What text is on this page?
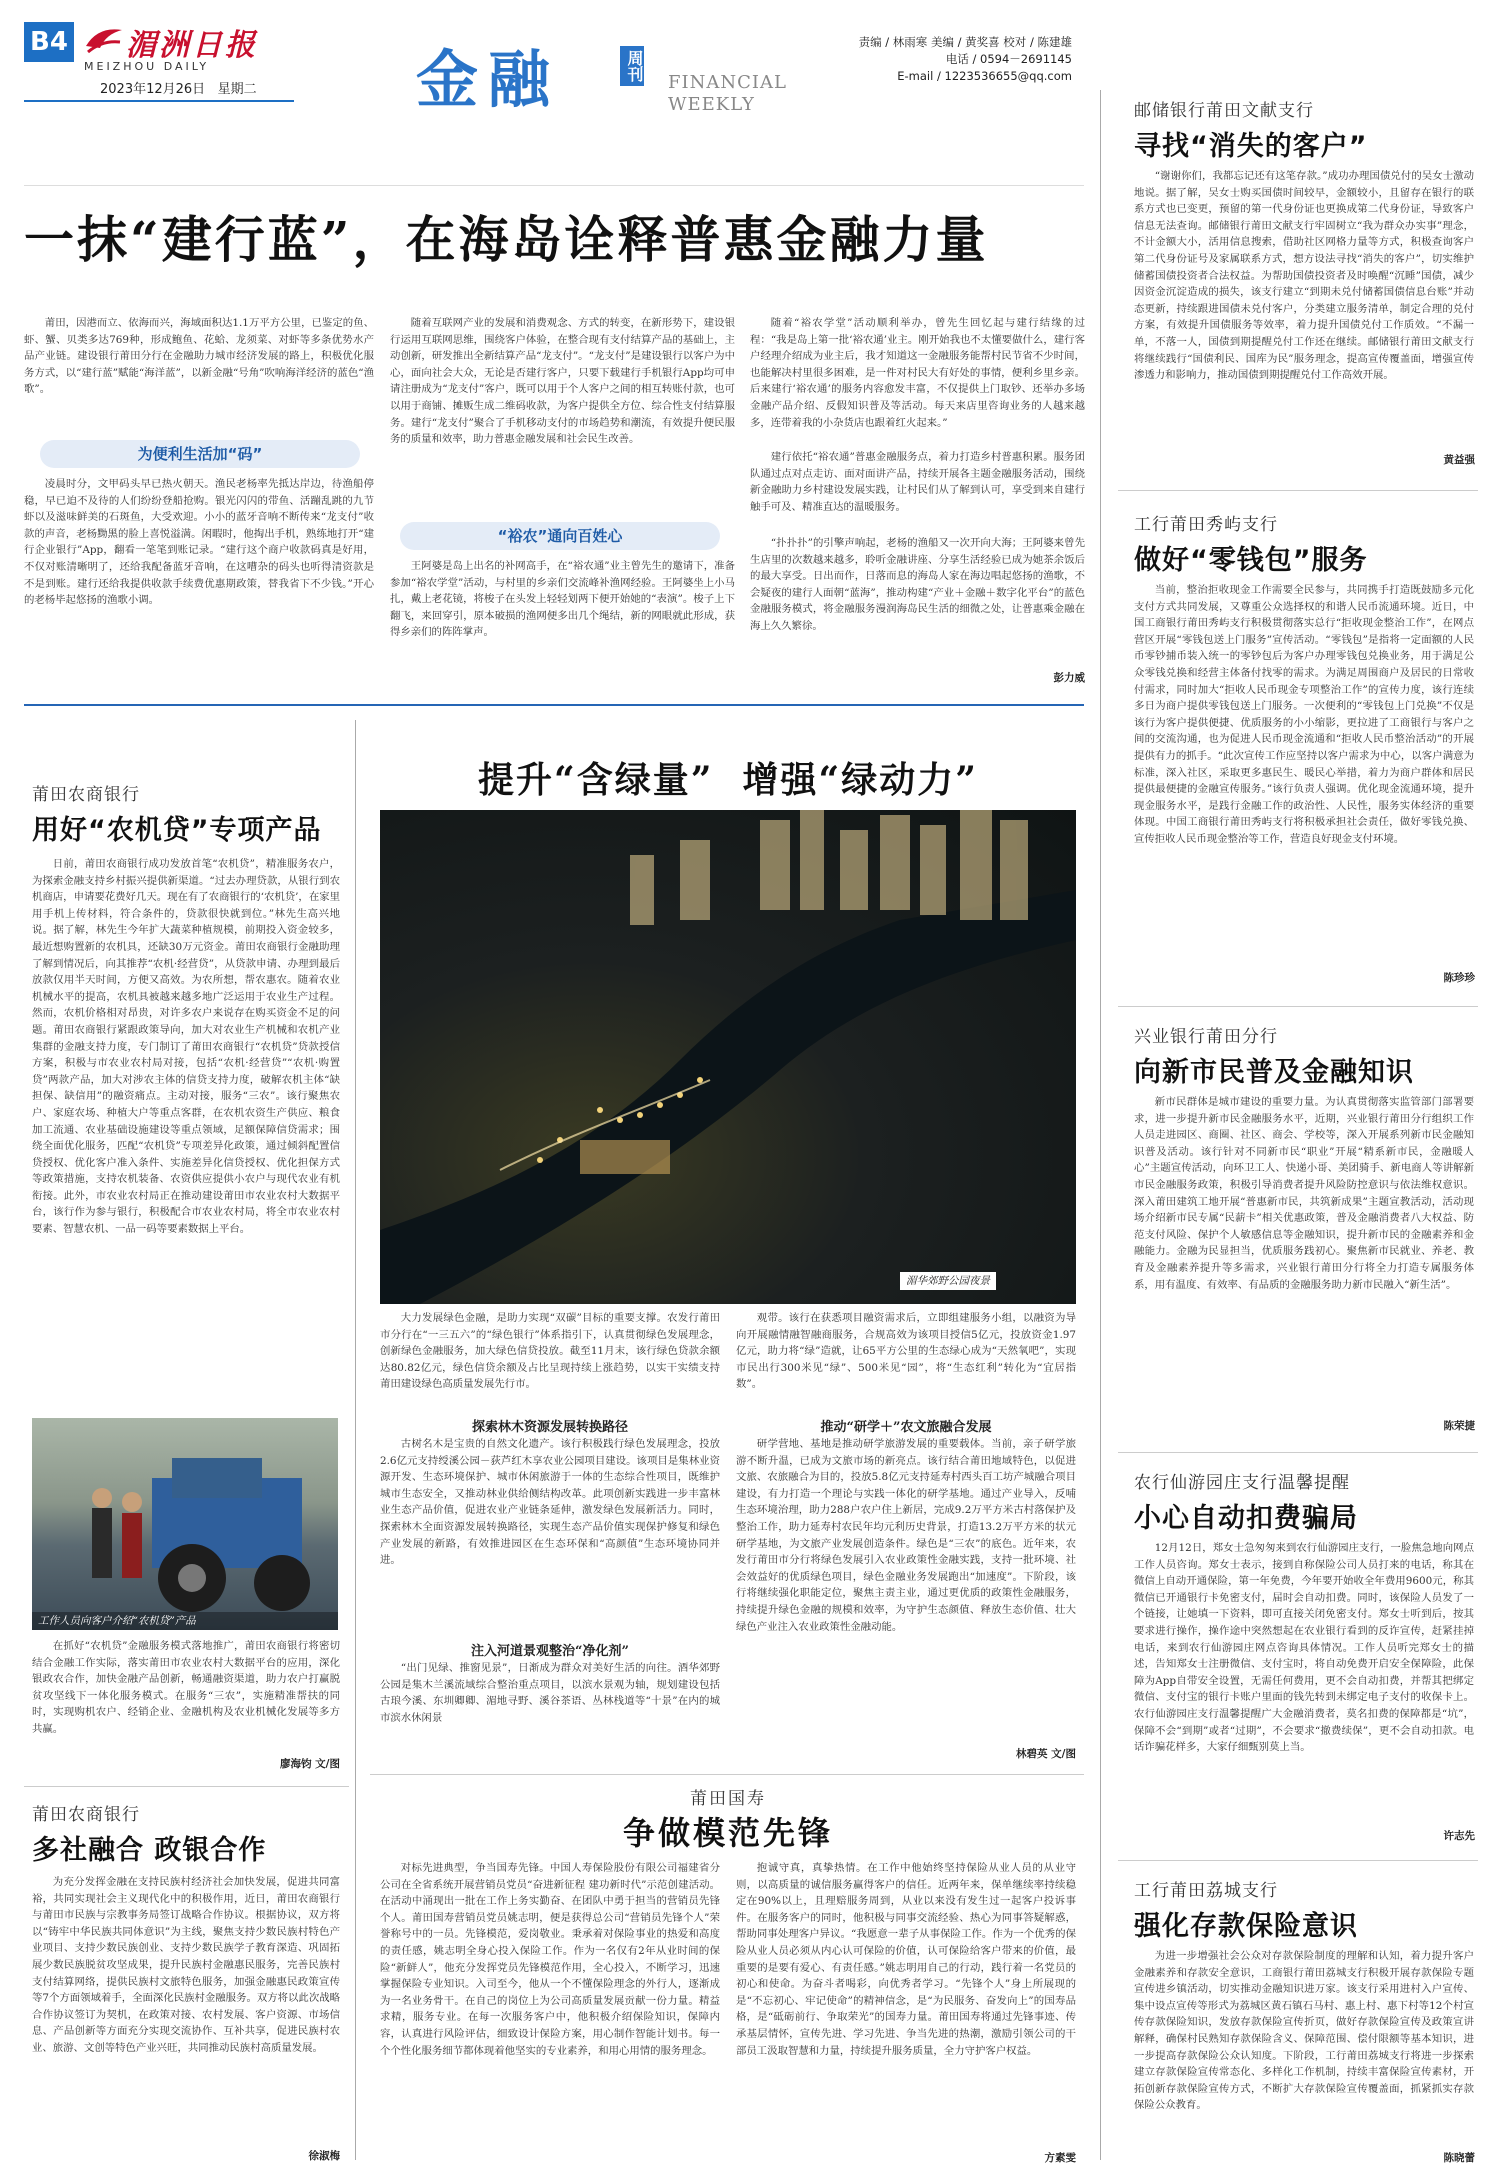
B4 湄洲日报
MEIZHOU DAILY
2023年12月26日 星期二	金融	周刊
FINANCIAL
WEEKLY
责编 / 林雨寒 美编 / 黄奖喜 校对 / 陈建雄
电话 / 0594－2691145
E-mail / 1223536655@qq.com
一抹“建行蓝”，在海岛诠释普惠金融力量
莆田，因港而立、依海而兴，海域面积达1.1万平方公里，已鉴定的鱼、虾、蟹、贝类多达769种，形成鲍鱼、花蛤、龙须菜、对虾等多条优势水产品产业链。建设银行莆田分行在金融助力城市经济发展的路上，积极优化服务方式，以“建行蓝”赋能“海洋蓝”，以新金融“号角”吹响海洋经济的蓝色“渔歌”。
为便利生活加“码”
凌晨时分，文甲码头早已热火朝天。渔民老杨率先抵达岸边，待渔船停稳，早已迫不及待的人们纷纷登船抢购。银光闪闪的带鱼、活蹦乱跳的九节虾以及滋味鲜美的石斑鱼，大受欢迎。小小的蓝牙音响不断传来“龙支付”收款的声音，老杨黝黑的脸上喜悦溢满。闲暇时，他掏出手机，熟练地打开“建行企业银行”App，翻看一笔笔到账记录。“建行这个商户收款码真是好用，不仅对账清晰明了，还给我配备蓝牙音响，在这嘈杂的码头也听得清资款是不是到账。建行还给我提供收款手续费优惠期政策，替我省下不少钱。”开心的老杨毕起悠扬的渔歌小调。
随着互联网产业的发展和消费观念、方式的转变，在新形势下，建设银行运用互联网思维，围绕客户体验，在整合现有支付结算产品的基础上，主动创新，研发推出全新结算产品“龙支付”。“龙支付”是建设银行以客户为中心，面向社会大众，无论是否建行客户，只要下载建行手机银行App均可申请注册成为“龙支付”客户，既可以用于个人客户之间的相互转账付款，也可以用于商铺、摊贩生成二维码收款，为客户提供全方位、综合性支付结算服务。建行“龙支付”聚合了手机移动支付的市场趋势和潮流，有效提升便民服务的质量和效率，助力普惠金融发展和社会民生改善。
“裕农”通向百姓心
王阿婆是岛上出名的补网高手，在“裕农通”业主曾先生的邀请下，准备参加“裕农学堂”活动，与村里的乡亲们交流峰补渔网经验。王阿婆坐上小马扎，戴上老花镜，将梭子在头发上轻轻划两下便开始她的“表演”。梭子上下翻飞，来回穿引，原本破损的渔网便多出几个绳结，新的网眼就此形成，获得乡亲们的阵阵掌声。
随着“裕农学堂”活动顺利举办，曾先生回忆起与建行结缘的过程：“我是岛上第一批‘裕农通’业主。刚开始我也不太懂要做什么，建行客户经理介绍成为业主后，我才知道这一金融服务能帮村民节省不少时间，也能解决村里很多困难，是一件对村民大有好处的事情，便利乡里乡亲。后来建行‘裕农通’的服务内容愈发丰富，不仅提供上门取钞、还举办多场金融产品介绍、反假知识普及等活动。每天来店里咨询业务的人越来越多，连带着我的小杂货店也跟着红火起来。”
建行依托“裕农通”普惠金融服务点，着力打造乡村普惠积累。服务团队通过点对点走访、面对面讲产品，持续开展各主题金融服务活动，围绕新金融助力乡村建设发展实践，让村民们从了解到认可，享受到来自建行触手可及、精准直达的温暖服务。
“扑扑扑”的引擎声响起，老杨的渔船又一次开向大海；王阿婆来曾先生店里的次数越来越多，聆听金融讲座、分享生活经验已成为她茶余饭后的最大享受。日出而作，日落而息的海岛人家在海边唱起悠扬的渔歌，不会疑夜的建行人面朝“蓝海”，推动构建“产业＋金融＋数字化平台”的蓝色金融服务模式，将金融服务漫润海岛民生活的细微之处，让普惠乘金融在海上久久繁徐。
彭力威
邮储银行莆田文献支行
寻找“消失的客户”
“谢谢你们，我都忘记还有这笔存款。”成功办理国债兑付的吴女士激动地说。据了解，吴女士购买国债时间较早，金额较小，且留存在银行的联系方式也已变更，预留的第一代身份证也更换成第二代身份证，导致客户信息无法查询。邮储银行莆田文献支行牢固树立“我为群众办实事”理念，不计金额大小，活用信息搜索，借助社区网格力量等方式，积极查询客户第二代身份证号及家属联系方式，想方设法寻找“消失的客户”，切实维护储蓄国债投资者合法权益。为帮助国债投资者及时唤醒“沉睡”国债，减少因资金沉淀造成的损失，该支行建立“到期未兑付储蓄国债信息台账”并动态更新，持续跟进国债未兑付客户，分类建立服务清单，制定合理的兑付方案，有效提升国债服务等效率，着力提升国债兑付工作质效。“不漏一单，不落一人，国债到期提醒兑付工作还在继续。邮储银行莆田文献支行将继续践行“国债利民、国库为民”服务理念，提高宣传覆盖面，增强宣传渗透力和影响力，推动国债到期提醒兑付工作高效开展。
黄益强
工行莆田秀屿支行
做好“零钱包”服务
当前，整治拒收现金工作需要全民参与，共同携手打造既鼓励多元化支付方式共同发展，又尊重公众选择权的和谐人民币流通环境。近日，中国工商银行莆田秀屿支行积极贯彻落实总行“拒收现金整治工作”，在网点营区开展“零钱包送上门服务”宣传活动。“零钱包”是指将一定面额的人民币零钞捕币装入统一的零钞包后为客户办理零钱包兑换业务，用于满足公众零钱兑换和经营主体备付找零的需求。为满足周围商户及居民的日常收付需求，同时加大“拒收人民币现金专项整治工作”的宣传力度，该行连续多日为商户提供零钱包送上门服务。一次便利的“零钱包上门兑换”不仅是该行为客户提供便捷、优质服务的小小缩影，更拉进了工商银行与客户之间的交流沟通，也为促进人民币现金流通和“拒收人民币整治活动”的开展提供有力的抓手。“此次宣传工作应坚持以客户需求为中心，以客户满意为标准，深入社区，采取更多惠民生、暖民心举措，着力为商户群体和居民提供最便捷的金融宣传服务。”该行负责人强调。优化现金流通环境，提升现金服务水平，是践行金融工作的政治性、人民性，服务实体经济的重要体现。中国工商银行莆田秀屿支行将积极承担社会责任，做好零钱兑换、宣传拒收人民币现金整治等工作，营造良好现金支付环境。
陈珍珍
兴业银行莆田分行
向新市民普及金融知识
新市民群体是城市建设的重要力量。为认真贯彻落实监管部门部署要求，进一步提升新市民金融服务水平，近期，兴业银行莆田分行组织工作人员走进园区、商圈、社区、商会、学校等，深入开展系列新市民金融知识普及活动。该行针对不同新市民“职业”开展“精系新市民，金融暖人心”主题宣传活动，向环卫工人、快递小哥、美团骑手、新电商人等讲解新市民金融服务政策，积极引导消费者提升风险防控意识与依法维权意识。深入莆田建筑工地开展“普惠新市民，共筑新成果”主题宣教活动，活动现场介绍新市民专属“民薪卡”相关优惠政策，普及金融消费者八大权益、防范支付风险、保护个人敏感信息等金融知识，提升新市民的金融素养和金融能力。金融为民显担当，优质服务践初心。聚焦新市民就业、养老、教育及金融素养提升等多需求，兴业银行莆田分行将全力打造专属服务体系，用有温度、有效率、有品质的金融服务助力新市民融入“新生活”。
陈荣捷
农行仙游园庄支行温馨提醒
小心自动扣费骗局
12月12日，郑女士急匆匆来到农行仙游园庄支行，一脸焦急地向网点工作人员咨询。郑女士表示，接到自称保险公司人员打来的电话，称其在微信上自动开通保险，第一年免费，今年要开始收全年费用9600元，称其微信已开通银行卡免密支付，届时会自动扣费。同时，该保险人员发了一个链接，让她填一下资料，即可直接关闭免密支付。郑女士听到后，按其要求进行操作，操作途中突然想起在农业银行看到的反诈宣传，赶紧挂掉电话，来到农行仙游园庄网点咨询具体情况。工作人员听完郑女士的描述，告知郑女士注册微信、支付宝时，将自动免费开启安全保障险，此保障为App自带安全设置，无需任何费用，更不会自动扣费，并帮其把绑定微信、支付宝的银行卡账户里面的钱先转到未绑定电子支付的收保卡上。农行仙游园庄支行温馨提醒广大金融消费者，莫名扣费的保障都是“坑”，保障不会“到期”或者“过期”，不会要求“撤费续保”，更不会自动扣款。电话诈骗花样多，大家仔细甄别莫上当。
许志先
工行莆田荔城支行
强化存款保险意识
为进一步增强社会公众对存款保险制度的理解和认知，着力提升客户金融素养和存款安全意识，工商银行莆田荔城支行积极开展存款保险专题宣传进乡镇活动，切实推动金融知识进万家。该支行采用进村入户宣传、集中设点宣传等形式为荔城区黄石镇石马村、惠上村、惠下村等12个村宣传存款保险知识，发放存款保险宣传折页，做好存款保险宣传及政策宣讲解释，确保村民熟知存款保险含义、保障范围、偿付限额等基本知识，进一步提高存款保险公众认知度。下阶段，工行莆田荔城支行将进一步探索建立存款保险宣传常态化、多样化工作机制，持续丰富保险宣传素材，开拓创新存款保险宣传方式，不断扩大存款保险宣传覆盖面，抓紧抓实存款保险公众教育。
陈晓蕾
莆田农商银行
用好“农机贷”专项产品
日前，莆田农商银行成功发放首笔“农机贷”，精准服务农户，为探索金融支持乡村振兴提供新渠道。“过去办理贷款，从银行到农机商店，申请要花费好几天。现在有了农商银行的‘农机贷’，在家里用手机上传材料，符合条件的，贷款很快就到位。”林先生高兴地说。据了解，林先生今年扩大蔬菜种植规模，前期投入资金较多，最近想购置新的农机具，还缺30万元资金。莆田农商银行金融助理了解到情况后，向其推荐“农机·经营贷”，从贷款申请、办理到最后放款仅用半天时间，方便又高效。为农所想，帮农惠农。随着农业机械水平的提高，农机具被越来越多地广泛运用于农业生产过程。然而，农机价格相对昂贵，对许多农户来说存在购买资金不足的问题。莆田农商银行紧跟政策导向，加大对农业生产机械和农机产业集群的金融支持力度，专门制订了莆田农商银行“农机贷”贷款授信方案，积极与市农业农村局对接，包括“农机·经营贷”“农机·购置贷”两款产品，加大对涉农主体的信贷支持力度，破解农机主体“缺担保、缺信用”的融资痛点。主动对接，服务“三农”。该行聚焦农户、家庭农场、种植大户等重点客群，在农机农资生产供应、粮食加工流通、农业基础设施建设等重点领域，足额保障信贷需求；围绕全面优化服务，匹配“农机贷”专项差异化政策，通过倾斜配置信贷授权、优化客户准入条件、实施差异化信贷授权、优化担保方式等政策措施，支持农机装备、农资供应提供小农户与现代农业有机衔接。此外，市农业农村局正在推动建设莆田市农业农村大数据平台，该行作为参与银行，积极配合市农业农村局，将全市农业农村要素、智慧农机、一品一码等要素数据上平台。
工作人员向客户介绍“农机贷”产品
在抓好“农机贷”金融服务模式落地推广，莆田农商银行将密切结合金融工作实际，落实莆田市农业农村大数据平台的应用，深化银政农合作，加快金融产品创新，畅通融资渠道，助力农户打赢脱贫攻坚线下一体化服务模式。在服务“三农”，实施精准帮扶的同时，实现购机农户、经销企业、金融机构及农业机械化发展等多方共赢。
廖海钧 文/图
莆田农商银行
多社融合 政银合作
为充分发挥金融在支持民族村经济社会加快发展，促进共同富裕，共同实现社会主义现代化中的积极作用，近日，莆田农商银行与莆田市民族与宗教事务局签订战略合作协议。根据协议，双方将以“铸牢中华民族共同体意识”为主线，聚焦支持少数民族村特色产业项目、支持少数民族创业、支持少数民族学子教育深造、巩固拓展少数民族脱贫攻坚成果，提升民族村金融惠民服务，完善民族村支付结算网络，提供民族村文旅特色服务，加强金融惠民政策宣传等7个方面领域着手，全面深化民族村金融服务。双方将以此次战略合作协议签订为契机，在政策对接、农村发展、客户资源、市场信息、产品创新等方面充分实现交流协作、互补共享，促进民族村农业、旅游、文创等特色产业兴旺，共同推动民族村高质量发展。
徐淑梅
提升“含绿量”  增强“绿动力”
湄华郊野公园夜景
大力发展绿色金融，是助力实现“双碳”目标的重要支撑。农发行莆田市分行在“一三五六”的“绿色银行”体系指引下，认真贯彻绿色发展理念，创新绿色金融服务，加大绿色信贷投放。截至11月末，该行绿色贷款余额达80.82亿元，绿色信贷余额及占比呈现持续上涨趋势，以实干实绩支持莆田建设绿色高质量发展先行市。
观带。该行在获悉项目融资需求后，立即组建服务小组，以融资为导向开展融情融智融商服务，合规高效为该项目授信5亿元，投放资金1.97亿元，助力将“绿”造就，让65平方公里的生态绿心成为“天然氧吧”，实现市民出行300米见“绿”、500米见“园”，将“生态红利”转化为“宜居指数”。
探索林木资源发展转换路径
古树名木是宝贵的自然文化遗产。该行积极践行绿色发展理念，投放2.6亿元支持绶溪公园－荻芦红木享农业公园项目建设。该项目是集林业资源开发、生态环境保护、城市休闲旅游于一体的生态综合性项目，既维护城市生态安全，又推动林业供给侧结构改革。此项创新实践进一步丰富林业生态产品价值，促进农业产业链条延伸，激发绿色发展新活力。同时，探索林木全面资源发展转换路径，实现生态产品价值实现保护修复和绿色产业发展的新路，有效推进园区在生态环保和“高颜值”生态环境协同并进。
注入河道景观整治“净化剂”
“出门见绿、推窗见景”，日渐成为群众对美好生活的向往。酒华郊野公园是集木兰溪流域综合整治重点项目，以滨水景观为轴，规划建设包括古琅今溪、东圳卿卿、湄地寻野、溪谷茶语、丛林栈道等“十景”在内的城市滨水休闲景
推动“研学＋”农文旅融合发展
研学营地、基地是推动研学旅游发展的重要载体。当前，亲子研学旅游不断升温，已成为文旅市场的新亮点。该行结合莆田地域特色，以促进文旅、农旅融合为目的，投放5.8亿元支持延寿村西头百工坊产城融合项目建设，有力打造一个理论与实践一体化的研学基地。通过产业导入，反哺生态环境治理，助力288户农户住上新居，完成9.2万平方米古村落保护及整治工作，助力延寿村农民年均元利历史背景，打造13.2万平方米的状元研学基地，为文旅产业发展创造条件。绿色是“三农”的底色。近年来，农发行莆田市分行将绿色发展引入农业政策性金融实践，支持一批环境、社会效益好的优质绿色项目，绿色金融业务发展跑出“加速度”。下阶段，该行将继续强化职能定位，聚焦主责主业，通过更优质的政策性金融服务，持续提升绿色金融的规模和效率，为守护生态颜值、释放生态价值、壮大绿色产业注入农业政策性金融动能。
林碧英 文/图
莆田国寿
争做模范先锋
对标先进典型，争当国寿先锋。中国人寿保险股份有限公司福建省分公司在全省系统开展营销员党员“奋进新征程 建功新时代”示范创建活动。在活动中涌现出一批在工作上务实勤奋、在团队中勇于担当的营销员先锋个人。莆田国寿营销员党员姚志明，便是获得总公司“营销员先锋个人”荣誉称号中的一员。先锋模范，爱岗敬业。秉承着对保险事业的热爱和高度的责任感，姚志明全身心投入保险工作。作为一名仅有2年从业时间的保险“新鲜人”，他充分发挥党员先锋模范作用，全心投入，不断学习，迅速掌握保险专业知识。入司至今，他从一个不懂保险理念的外行人，逐渐成为一名业务骨干。在自己的岗位上为公司高质量发展贡献一份力量。精益求精，服务专业。在每一次服务客户中，他积极介绍保险知识，保障内容，认真进行风险评估，细致设计保险方案，用心制作智能计划书。每一个个性化服务细节都体现着他坚实的专业素养，和用心用情的服务理念。
抱诚守真，真挚热情。在工作中他始终坚持保险从业人员的从业守则，以高质量的诚信服务赢得客户的信任。近两年来，保单继续率持续稳定在90%以上，且理赔服务周到，从业以来没有发生过一起客户投诉事件。在服务客户的同时，他积极与同事交流经验、热心为同事答疑解惑，帮助同事处理客户异议。“我愿意一辈子从事保险工作。作为一个优秀的保险从业人员必须从内心认可保险的价值，认可保险给客户带来的价值，最重要的是要有爱心、有责任感。”姚志明用自己的行动，践行着一名党员的初心和使命。为奋斗者喝彩，向优秀者学习。“先锋个人”身上所展现的是“不忘初心、牢记使命”的精神信念，是“为民服务、奋发向上”的国寿品格，是“砥砺前行、争取荣光”的国寿力量。莆田国寿将通过先锋事迹、传承基层情怀，宣传先进、学习先进、争当先进的热潮，激励引领公司的干部员工汲取智慧和力量，持续提升服务质量，全力守护客户权益。
方素雯
